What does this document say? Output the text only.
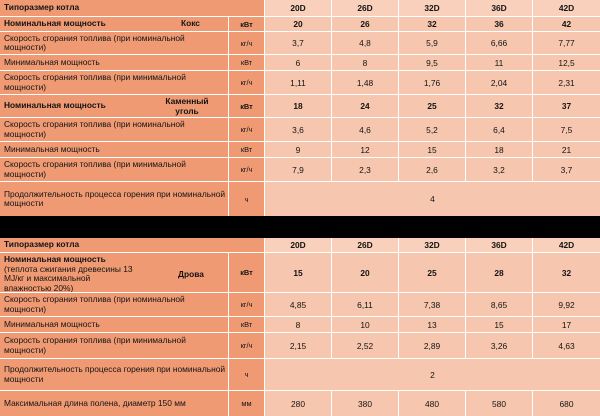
Типоразмер котла	20D	26D	32D	36D	42D
Номинальная мощность	Кокс	кВт	20	26	32	36	42
Скорость сгорания топлива (при номинальной мощности)	кг/ч	3,7	4,8	5,9	6,66	7,77
Минимальная мощность	кВт	6	8	9,5	11	12,5
Скорость сгорания топлива (при минимальной мощности)	кг/ч	1,11	1,48	1,76	2,04	2,31
Номинальная мощность	Каменный уголь	кВт	18	24	25	32	37
Скорость сгорания топлива (при номинальной мощности)	кг/ч	3,6	4,6	5,2	6,4	7,5
Минимальная мощность	кВт	9	12	15	18	21
Скорость сгорания топлива (при минимальной мощности)	кг/ч	7,9	2,3	2,6	3,2	3,7
Продолжительность процесса горения при номинальной мощности	ч	4
Типоразмер котла	20D	26D	32D	36D	42D
Номинальная мощность
(теплота сжигания древесины 13 MJ/кг и максимальной влажностью 20%)
Дрова	кВт	15	20	25	28	32
Скорость сгорания топлива (при номинальной мощности)	кг/ч	4,85	6,11	7,38	8,65	9,92
Минимальная мощность	кВт	8	10	13	15	17
Скорость сгорания топлива (при минимальной мощности)	кг/ч	2,15	2,52	2,89	3,26	4,63
Продолжительность процесса горения при номинальной мощности	ч	2
Максимальная длина полена, диаметр 150 мм	мм	280	380	480	580	680
